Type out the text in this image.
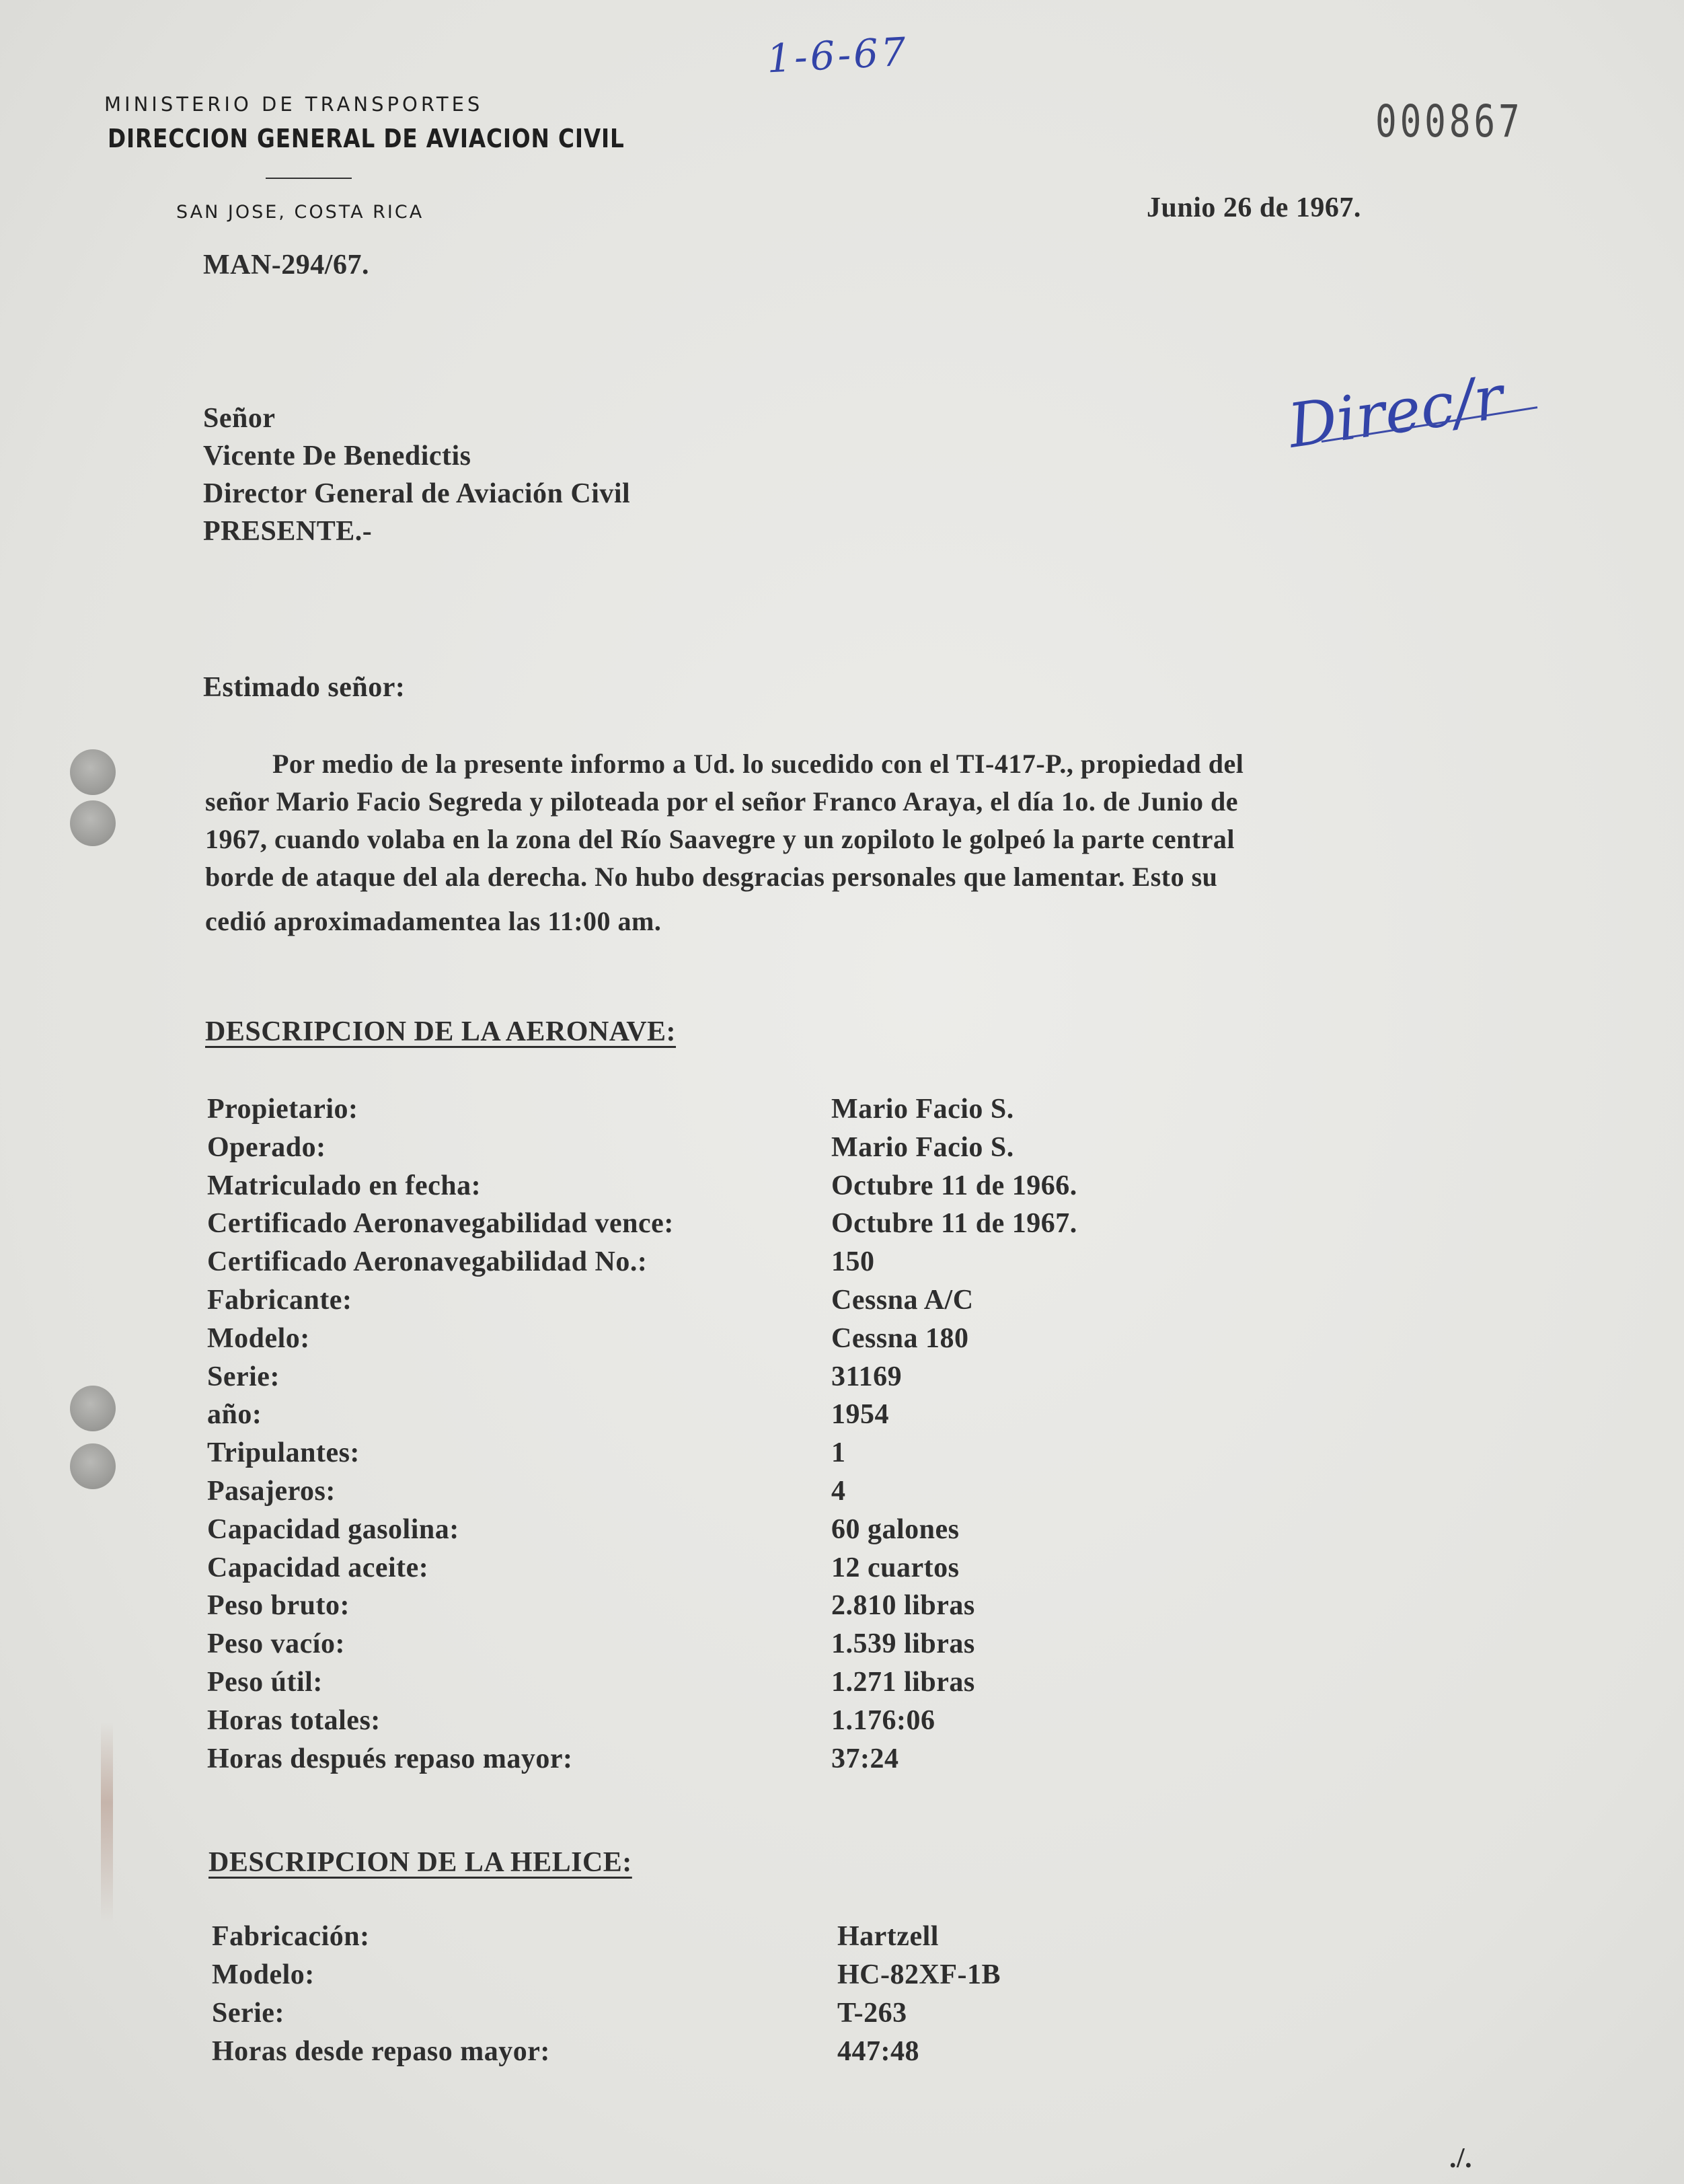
MINISTERIO DE TRANSPORTES
DIRECCION GENERAL DE AVIACION CIVIL
SAN JOSE, COSTA RICA
1-6-67
000867
Direc/r
Junio 26 de 1967.
MAN-294/67.
Señor
Vicente De Benedictis
Director General de Aviación Civil
PRESENTE.-
Estimado señor:
Por medio de la presente informo a Ud. lo sucedido con el TI-417-P., propiedad del
señor Mario Facio Segreda y piloteada por el señor Franco Araya, el día 1o. de Junio de
1967, cuando volaba en la zona del Río Saavegre y un zopiloto le golpeó la parte central
borde de ataque del ala derecha. No hubo desgracias personales que lamentar. Esto su
cedió aproximadamentea las 11:00 am.
DESCRIPCION DE LA AERONAVE:
Propietario:	Mario Facio S.
Operado:	Mario Facio S.
Matriculado en fecha:	Octubre 11 de 1966.
Certificado Aeronavegabilidad vence:	Octubre 11 de 1967.
Certificado Aeronavegabilidad No.:	150
Fabricante:	Cessna A/C
Modelo:	Cessna 180
Serie:	31169
año:	1954
Tripulantes:	1
Pasajeros:	4
Capacidad gasolina:	60 galones
Capacidad aceite:	12 cuartos
Peso bruto:	2.810 libras
Peso vacío:	1.539 libras
Peso útil:	1.271 libras
Horas totales:	1.176:06
Horas después repaso mayor:	37:24
DESCRIPCION DE LA HELICE:
Fabricación:	Hartzell
Modelo:	HC-82XF-1B
Serie:	T-263
Horas desde repaso mayor:	447:48
./.
